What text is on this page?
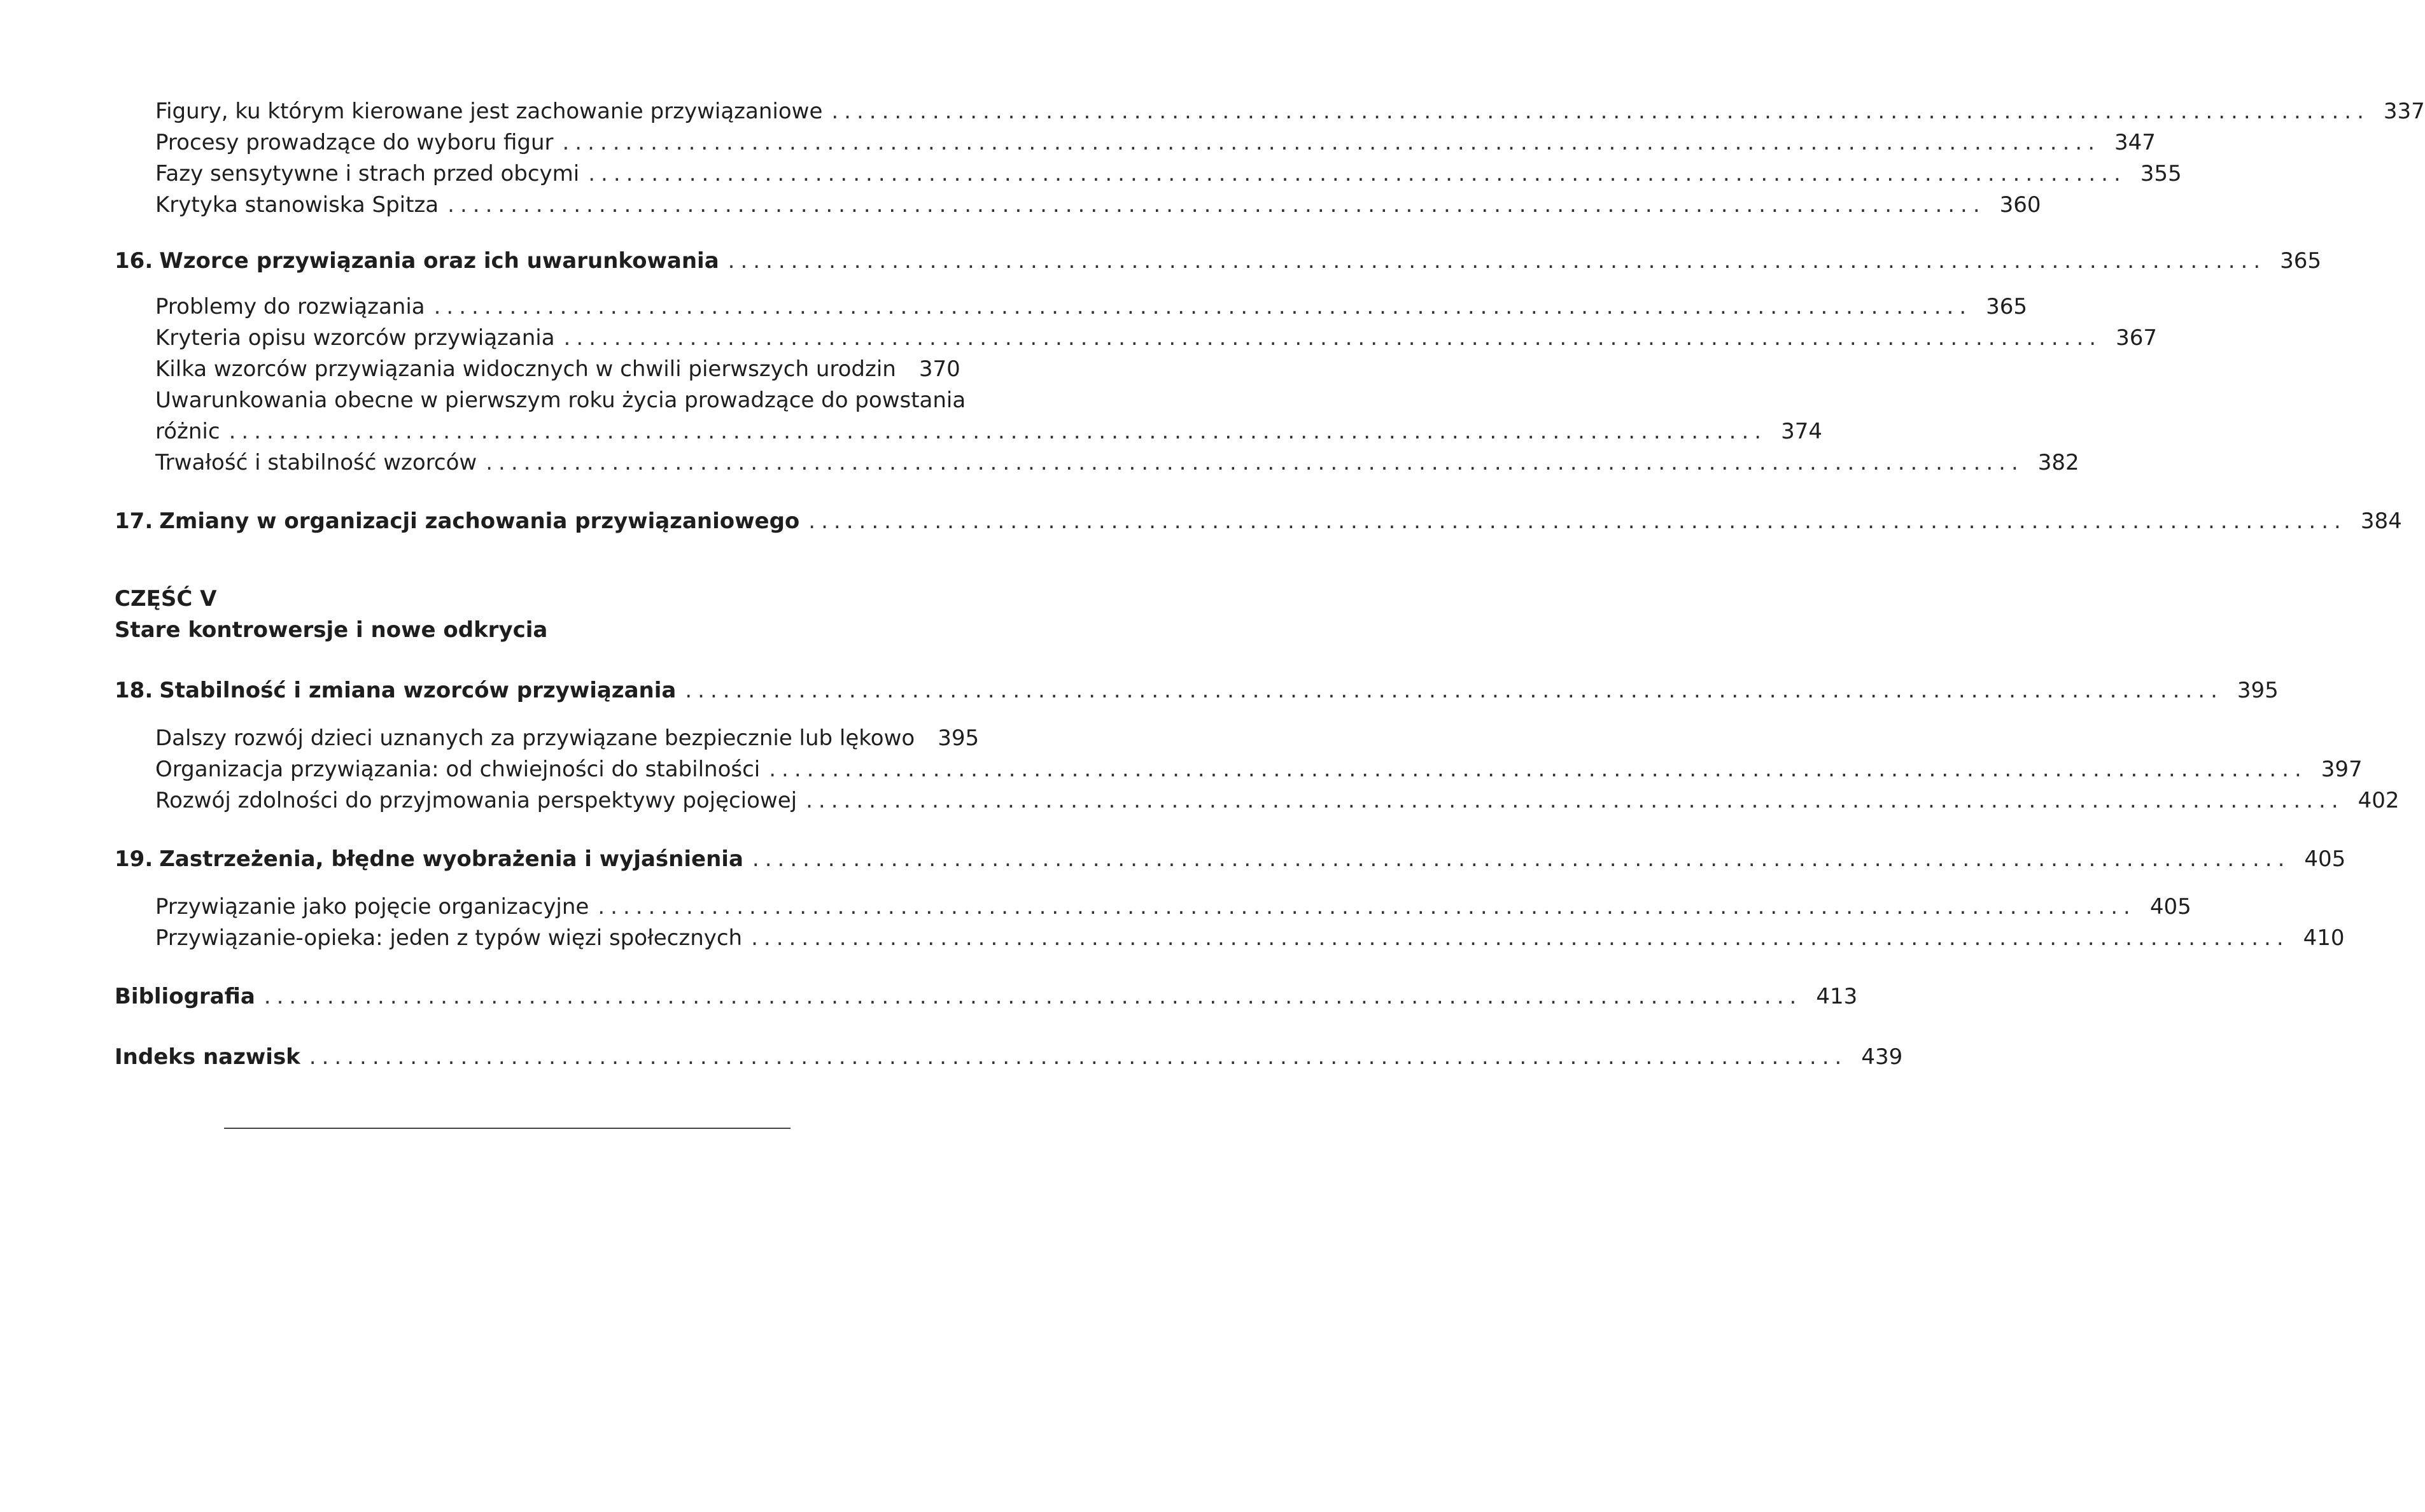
Figury, ku którym kierowane jest zachowanie przywiązaniowe .......................................................................................................................... 337
Procesy prowadzące do wyboru figur .......................................................................................................................... 347
Fazy sensytywne i strach przed obcymi .......................................................................................................................... 355
Krytyka stanowiska Spitza .......................................................................................................................... 360
16. Wzorce przywiązania oraz ich uwarunkowania .......................................................................................................................... 365
Problemy do rozwiązania .......................................................................................................................... 365
Kryteria opisu wzorców przywiązania .......................................................................................................................... 367
Kilka wzorców przywiązania widocznych w chwili pierwszych urodzin 370
Uwarunkowania obecne w pierwszym roku życia prowadzące do powstania
różnic .......................................................................................................................... 374
Trwałość i stabilność wzorców .......................................................................................................................... 382
17. Zmiany w organizacji zachowania przywiązaniowego .......................................................................................................................... 384
CZĘŚĆ V
Stare kontrowersje i nowe odkrycia
18. Stabilność i zmiana wzorców przywiązania .......................................................................................................................... 395
Dalszy rozwój dzieci uznanych za przywiązane bezpiecznie lub lękowo 395
Organizacja przywiązania: od chwiejności do stabilności .......................................................................................................................... 397
Rozwój zdolności do przyjmowania perspektywy pojęciowej .......................................................................................................................... 402
19. Zastrzeżenia, błędne wyobrażenia i wyjaśnienia .......................................................................................................................... 405
Przywiązanie jako pojęcie organizacyjne .......................................................................................................................... 405
Przywiązanie-opieka: jeden z typów więzi społecznych .......................................................................................................................... 410
Bibliografia .......................................................................................................................... 413
Indeks nazwisk .......................................................................................................................... 439
